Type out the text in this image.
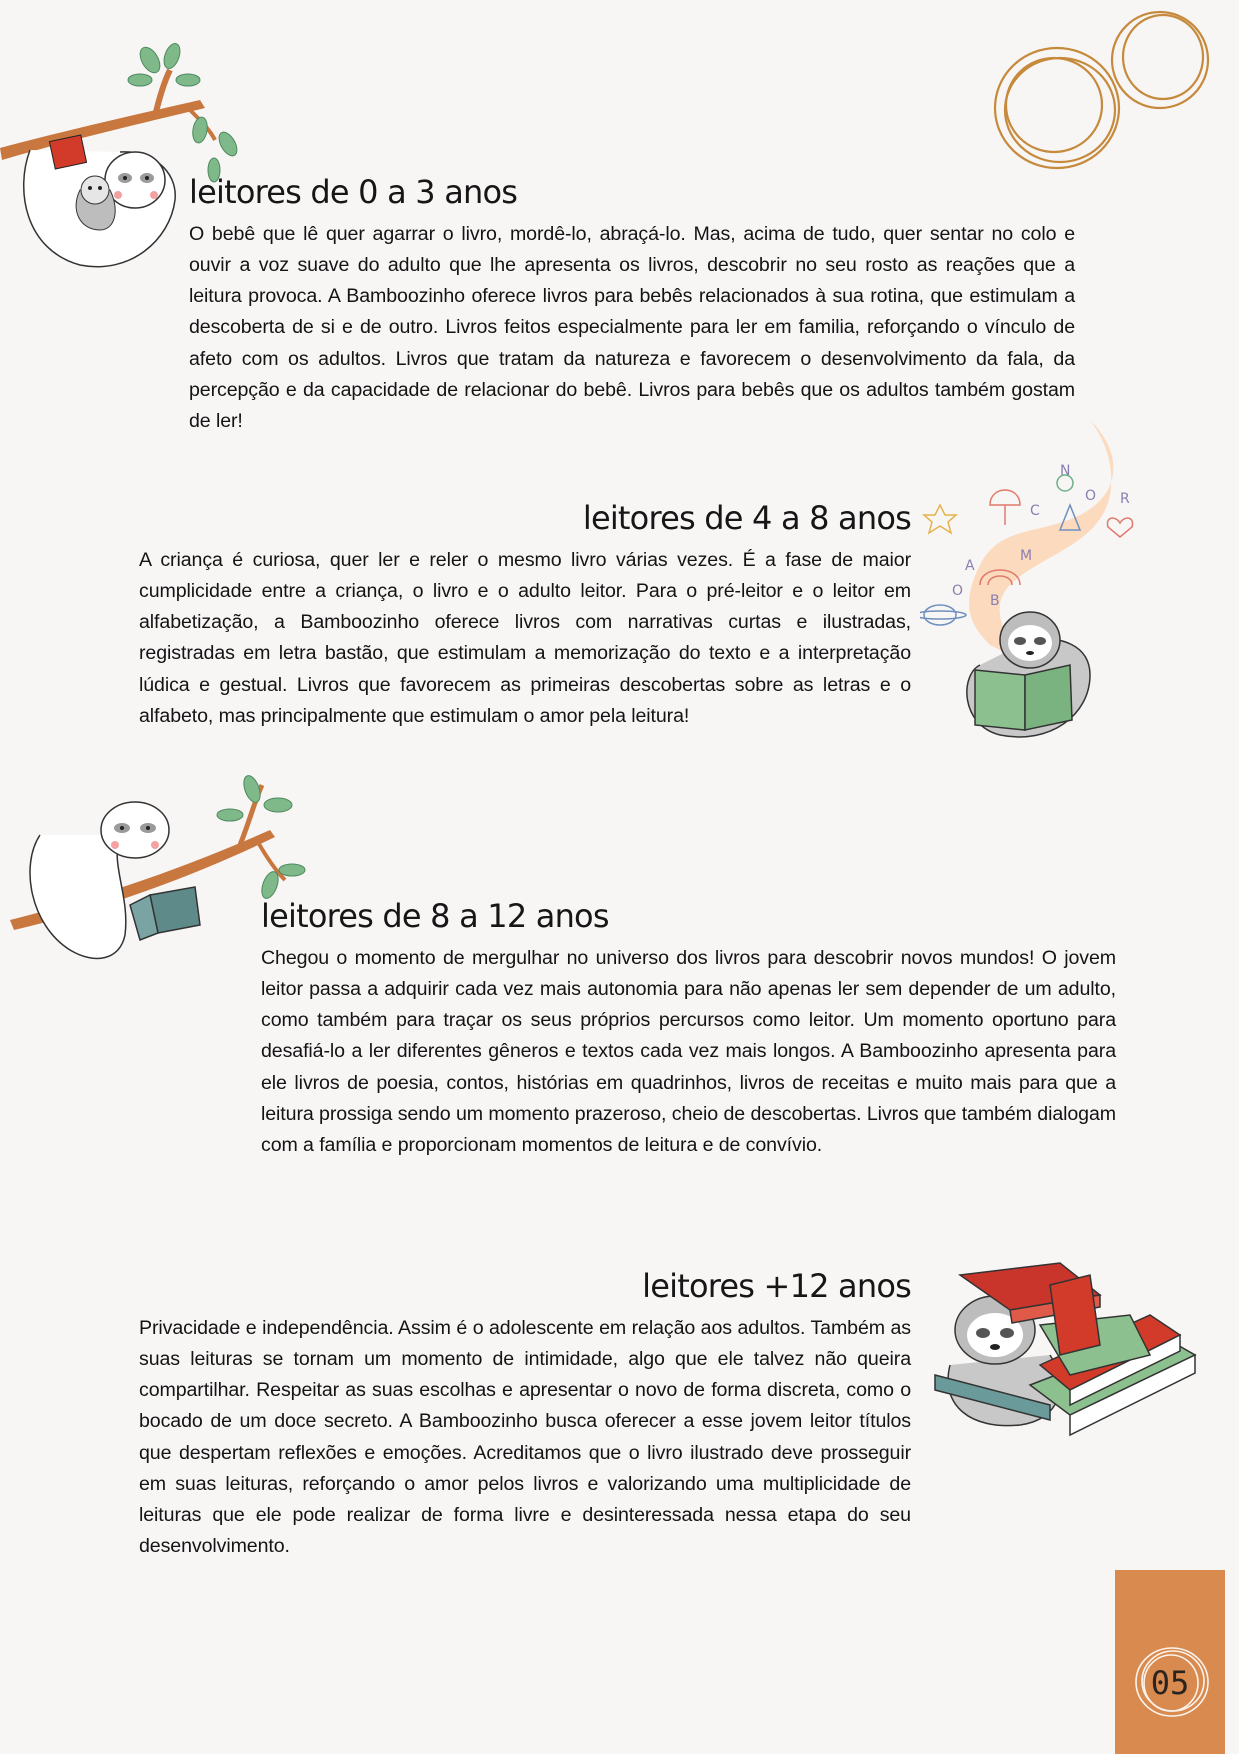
leitores de 0 a 3 anos

O bebê que lê quer agarrar o livro, mordê-lo, abraçá-lo. Mas, acima de tudo, quer sentar no colo e ouvir a voz suave do adulto que lhe apresenta os livros, descobrir no seu rosto as reações que a leitura provoca. A Bamboozinho oferece livros para bebês relacionados à sua rotina, que estimulam a descoberta de si e de outro. Livros feitos especialmente para ler em familia, reforçando o vínculo de afeto com os adultos. Livros que tratam da natureza e favorecem o desenvolvimento da fala, da percepção e da capacidade de relacionar do bebê. Livros para bebês que os adultos também gostam de ler!

N
O R
A
M
O
B
C
leitores de 4 a 8 anos

A criança é curiosa, quer ler e reler o mesmo livro várias vezes. É a fase de maior cumplicidade entre a criança, o livro e o adulto leitor. Para o pré-leitor e o leitor em alfabetização, a Bamboozinho oferece livros com narrativas curtas e ilustradas, registradas em letra bastão, que estimulam a memorização do texto e a interpretação lúdica e gestual. Livros que favorecem as primeiras descobertas sobre as letras e o alfabeto, mas principalmente que estimulam o amor pela leitura!

leitores de 8 a 12 anos

Chegou o momento de mergulhar no universo dos livros para descobrir novos mundos! O jovem leitor passa a adquirir cada vez mais autonomia para não apenas ler sem depender de um adulto, como também para traçar os seus próprios percursos como leitor. Um momento oportuno para desafiá-lo a ler diferentes gêneros e textos cada vez mais longos. A Bamboozinho apresenta para ele livros de poesia, contos, histórias em quadrinhos, livros de receitas e muito mais para que a leitura prossiga sendo um momento prazeroso, cheio de descobertas. Livros que também dialogam com a família e proporcionam momentos de leitura e de convívio.

leitores +12 anos

Privacidade e independência. Assim é o adolescente em relação aos adultos. Também as suas leituras se tornam um momento de intimidade, algo que ele talvez não queira compartilhar. Respeitar as suas escolhas e apresentar o novo de forma discreta, como o bocado de um doce secreto. A Bamboozinho busca oferecer a esse jovem leitor títulos que despertam reflexões e emoções. Acreditamos que o livro ilustrado deve prosseguir em suas leituras, reforçando o amor pelos livros e valorizando uma multiplicidade de leituras que ele pode realizar de forma livre e desinteressada nessa etapa do seu desenvolvimento.

05
